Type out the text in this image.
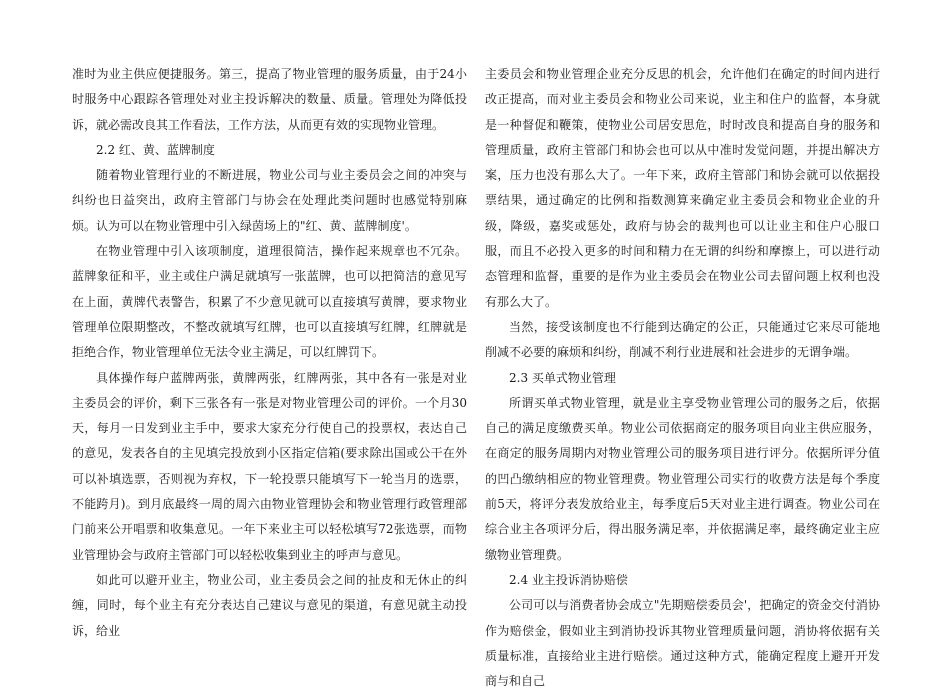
准时为业主供应便捷服务。第三，提高了物业管理的服务质量，由于24小时服务中心跟踪各管理处对业主投诉解决的数量、质量。管理处为降低投诉，就必需改良其工作看法，工作方法，从而更有效的实现物业管理。

2.2 红、黄、蓝牌制度

随着物业管理行业的不断进展，物业公司与业主委员会之间的冲突与纠纷也日益突出，政府主管部门与协会在处理此类问题时也感觉特别麻烦。认为可以在物业管理中引入绿茵场上的"红、黄、蓝牌制度'。

在物业管理中引入该项制度，道理很简洁，操作起来规章也不冗杂。蓝牌象征和平，业主或住户满足就填写一张蓝牌，也可以把简洁的意见写在上面，黄牌代表警告，积累了不少意见就可以直接填写黄牌，要求物业管理单位限期整改，不整改就填写红牌，也可以直接填写红牌，红牌就是拒绝合作，物业管理单位无法令业主满足，可以红牌罚下。

具体操作每户蓝牌两张，黄牌两张，红牌两张，其中各有一张是对业主委员会的评价，剩下三张各有一张是对物业管理公司的评价。一个月30天，每月一日发到业主手中，要求大家充分行使自己的投票权，表达自己的意见，发表各自的主见填完投放到小区指定信箱(要求除出国或公干在外可以补填选票，否则视为弃权，下一轮投票只能填写下一轮当月的选票，不能跨月)。到月底最终一周的周六由物业管理协会和物业管理行政管理部门前来公开唱票和收集意见。一年下来业主可以轻松填写72张选票，而物业管理协会与政府主管部门可以轻松收集到业主的呼声与意见。

如此可以避开业主，物业公司，业主委员会之间的扯皮和无休止的纠缠，同时，每个业主有充分表达自己建议与意见的渠道，有意见就主动投诉，给业

主委员会和物业管理企业充分反思的机会，允许他们在确定的时间内进行改正提高，而对业主委员会和物业公司来说，业主和住户的监督，本身就是一种督促和鞭策，使物业公司居安思危，时时改良和提高自身的服务和管理质量，政府主管部门和协会也可以从中准时发觉问题，并提出解决方案，压力也没有那么大了。一年下来，政府主管部门和协会就可以依据投票结果，通过确定的比例和指数测算来确定业主委员会和物业企业的升级，降级，嘉奖或惩处，政府与协会的裁判也可以让业主和住户心服口服，而且不必投入更多的时间和精力在无谓的纠纷和摩擦上，可以进行动态管理和监督，重要的是作为业主委员会在物业公司去留问题上权利也没有那么大了。

当然，接受该制度也不行能到达确定的公正，只能通过它来尽可能地削减不必要的麻烦和纠纷，削减不利行业进展和社会进步的无谓争端。

2.3 买单式物业管理

所谓买单式物业管理，就是业主享受物业管理公司的服务之后，依据自己的满足度缴费买单。物业公司依据商定的服务项目向业主供应服务，在商定的服务周期内对物业管理公司的服务项目进行评分。依据所评分值的凹凸缴纳相应的物业管理费。物业管理公司实行的收费方法是每个季度前5天，将评分表发放给业主，每季度后5天对业主进行调查。物业公司在综合业主各项评分后，得出服务满足率，并依据满足率，最终确定业主应缴物业管理费。

2.4 业主投诉消协赔偿

公司可以与消费者协会成立"先期赔偿委员会'，把确定的资金交付消协作为赔偿金，假如业主到消协投诉其物业管理质量问题，消协将依据有关质量标准，直接给业主进行赔偿。通过这种方式，能确定程度上避开开发商与和自己
